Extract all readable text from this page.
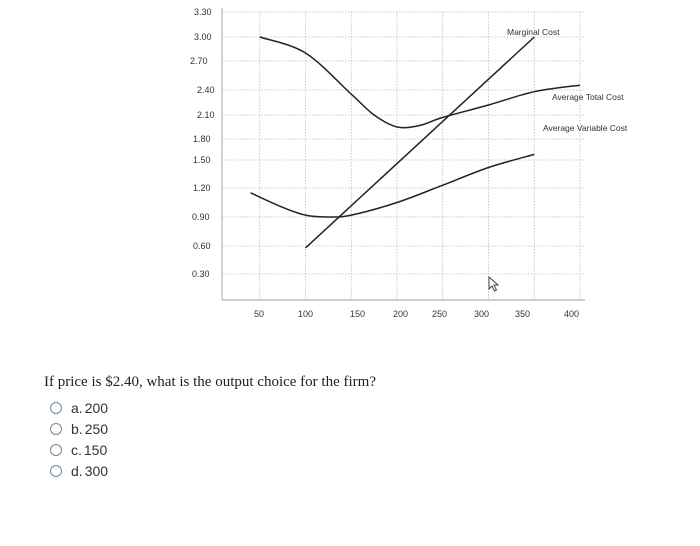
0.30
0.60
0.90
1.20
1.50
1.80
2.10
2.40
2.70
3.00
3.30
50	100	150	200	250	300	350	400
Marginal Cost
Average Total Cost
Average Variable Cost
If price is $2.40, what is the output choice for the firm?
a. 200
b. 250
c. 150
d. 300
